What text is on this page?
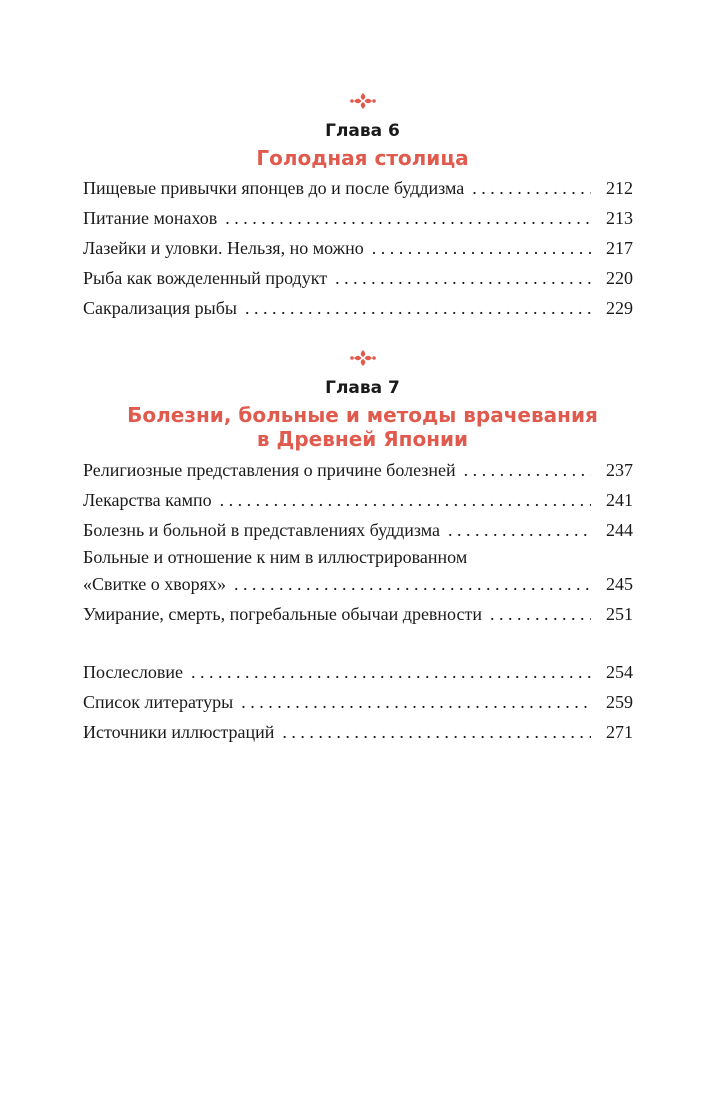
Глава 6
Голодная столица
Пищевые привычки японцев до и после буддизма . . .	212
Питание монахов . . .	213
Лазейки и уловки. Нельзя, но можно . . .	217
Рыба как вожделенный продукт . . .	220
Сакрализация рыбы . . .	229
Глава 7
Болезни, больные и методы врачевания
в Древней Японии
Религиозные представления о причине болезней . . .	237
Лекарства кампо . . .	241
Болезнь и больной в представлениях буддизма . . .	244
Больные и отношение к ним в иллюстрированном
«Свитке о хворях» . . .	245
Умирание, смерть, погребальные обычаи древности . . .	251
Послесловие . . .	254
Список литературы . . .	259
Источники иллюстраций . . .	271
